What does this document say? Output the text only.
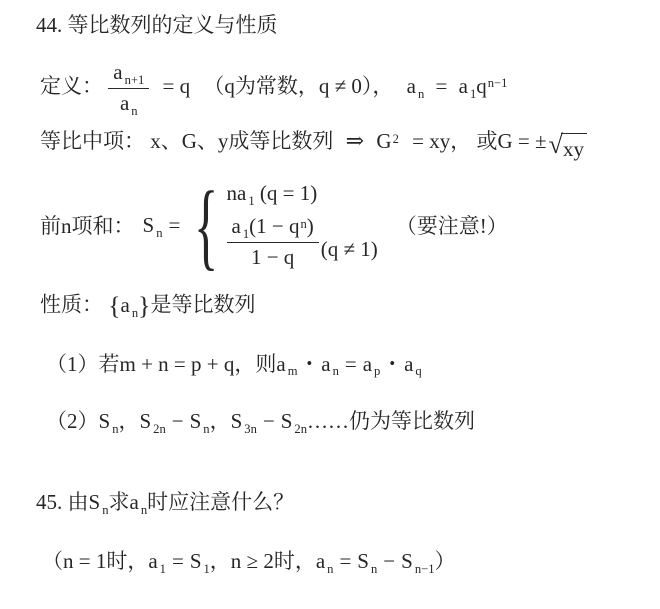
44. 等比数列的定义与性质
定义： $\frac{a _{n+1}}{a _n} = q$ （q为常数，q ≠ 0）， a $_n$ = a $_1q^{n-1}$
等比中项： x、G、y成等比数列 ⇒ $G^2$ = xy， 或G = ± √ xy
前n项和： S $_n$ = { na $_1$ (q = 1)
$\frac{a _1(1 - q^n)}{1 - q} (q \ne 1)$
（要注意!）
性质： {a $_n$}是等比数列
（1）若m + n = p + q，则a $_m$ • a $_n$ = a $_p$ • a $_q$
（2）S $_n$，S $_{2n}$ − S $_n$，S $_{3n}$ − S $_{2n}$……仍为等比数列
45. 由S $_n$求a $_n$时应注意什么？
（n = 1时，a $_1$ = S $_1$，n ≥ 2时，a $_n$ = S $_n$ − S $_{n-1}$）
